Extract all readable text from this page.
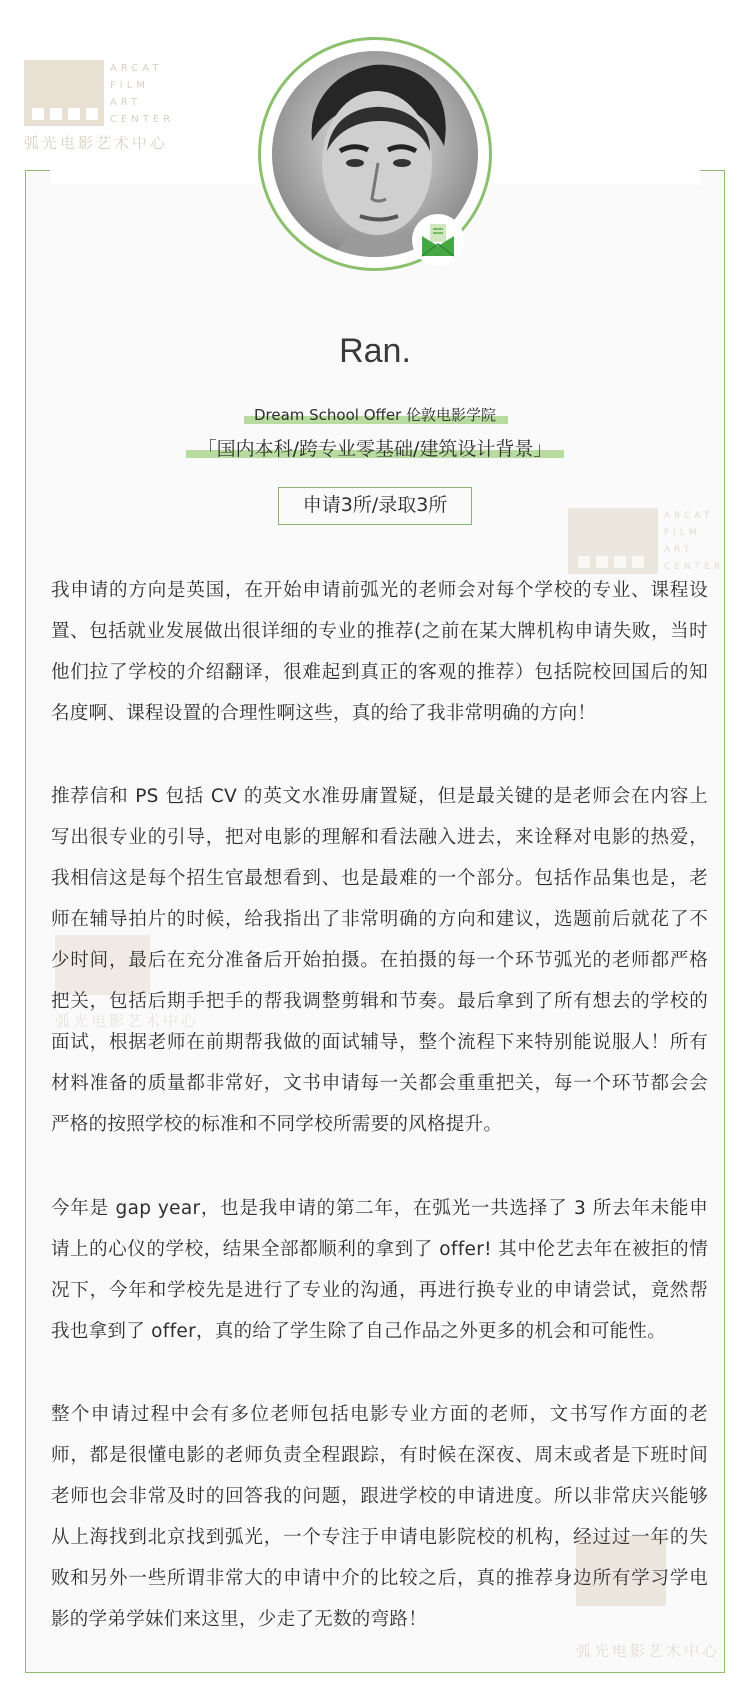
ARCAT
FILM
ART
CENTER
弧光电影艺术中心
ARCAT
FILM
ART
CENTER
弧光电影艺术中心
弧光电影艺术中心
Ran.
Dream School Offer 伦敦电影学院
「国内本科/跨专业零基础/建筑设计背景」
申请3所/录取3所
我申请的方向是英国，在开始申请前弧光的老师会对每个学校的专业、课程设置、包括就业发展做出很详细的专业的推荐(之前在某大牌机构申请失败，当时他们拉了学校的介绍翻译，很难起到真正的客观的推荐）包括院校回国后的知名度啊、课程设置的合理性啊这些，真的给了我非常明确的方向！
推荐信和 PS 包括 CV 的英文水准毋庸置疑，但是最关键的是老师会在内容上写出很专业的引导，把对电影的理解和看法融入进去，来诠释对电影的热爱，我相信这是每个招生官最想看到、也是最难的一个部分。包括作品集也是，老师在辅导拍片的时候，给我指出了非常明确的方向和建议，选题前后就花了不少时间，最后在充分准备后开始拍摄。在拍摄的每一个环节弧光的老师都严格把关，包括后期手把手的帮我调整剪辑和节奏。最后拿到了所有想去的学校的面试，根据老师在前期帮我做的面试辅导，整个流程下来特别能说服人！所有材料准备的质量都非常好，文书申请每一关都会重重把关，每一个环节都会会严格的按照学校的标准和不同学校所需要的风格提升。
今年是 gap year，也是我申请的第二年，在弧光一共选择了 3 所去年未能申请上的心仪的学校，结果全部都顺利的拿到了 offer! 其中伦艺去年在被拒的情况下，今年和学校先是进行了专业的沟通，再进行换专业的申请尝试，竟然帮我也拿到了 offer，真的给了学生除了自己作品之外更多的机会和可能性。
整个申请过程中会有多位老师包括电影专业方面的老师，文书写作方面的老师，都是很懂电影的老师负责全程跟踪，有时候在深夜、周末或者是下班时间老师也会非常及时的回答我的问题，跟进学校的申请进度。所以非常庆兴能够从上海找到北京找到弧光，一个专注于申请电影院校的机构，经过过一年的失败和另外一些所谓非常大的申请中介的比较之后，真的推荐身边所有学习学电影的学弟学妹们来这里，少走了无数的弯路！
